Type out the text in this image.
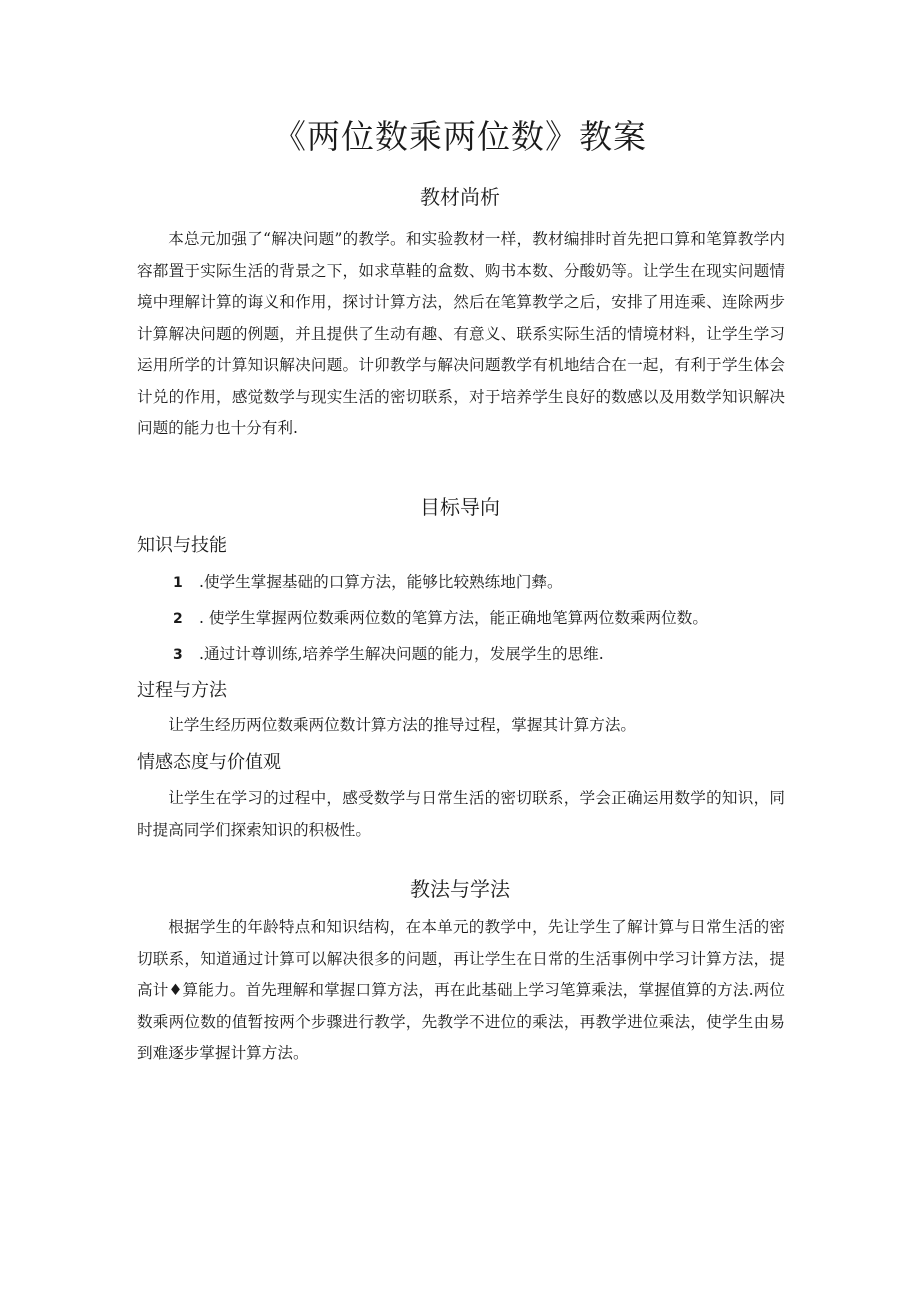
《两位数乘两位数》教案
教材尚析
本总元加强了“解决问题”的教学。和实验教材一样，教材编排时首先把口算和笔算教学内容都置于实际生活的背景之下，如求草鞋的盒数、购书本数、分酸奶等。让学生在现实问题情境中理解计算的诲义和作用，探讨计算方法，然后在笔算教学之后，安排了用连乘、连除两步计算解决问题的例题，并且提供了生动有趣、有意义、联系实际生活的情境材料，让学生学习运用所学的计算知识解决问题。计卯教学与解决问题教学有机地结合在一起，有利于学生体会计兑的作用，感觉数学与现实生活的密切联系，对于培养学生良好的数感以及用数学知识解决问题的能力也十分有利.
目标导向
知识与技能
1 .使学生掌握基础的口算方法，能够比较熟练地门彝。
2 . 使学生掌握两位数乘两位数的笔算方法，能正确地笔算两位数乘两位数。
3 .通过计尊训练,培养学生解决问题的能力，发展学生的思维.
过程与方法
让学生经历两位数乘两位数计算方法的推导过程，掌握其计算方法。
情感态度与价值观
让学生在学习的过程中，感受数学与日常生活的密切联系，学会正确运用数学的知识，同时提高同学们探索知识的积极性。
教法与学法
根据学生的年龄特点和知识结构，在本单元的教学中，先让学生了解计算与日常生活的密切联系，知道通过计算可以解决很多的问题，再让学生在日常的生活事例中学习计算方法，提高计♦算能力。首先理解和掌握口算方法，再在此基础上学习笔算乘法，掌握值算的方法.两位数乘两位数的值暂按两个步骤进行教学，先教学不进位的乘法，再教学进位乘法，使学生由易到难逐步掌握计算方法。
